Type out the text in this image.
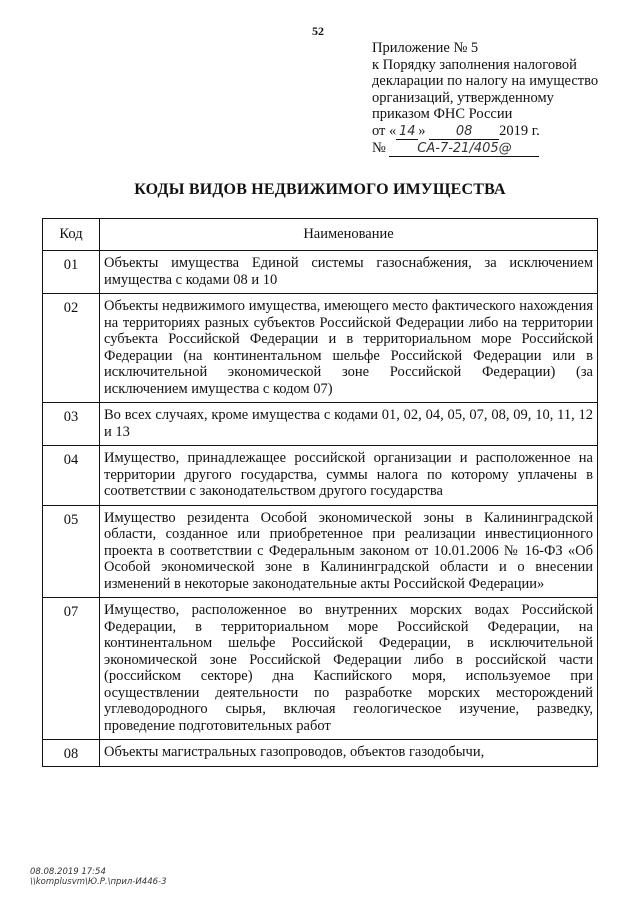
52
Приложение № 5
к Порядку заполнения налоговой
декларации по налогу на имущество
организаций, утвержденному
приказом ФНС России
от « 14 » 08 2019 г.
№ СА-7-21/405@
КОДЫ ВИДОВ НЕДВИЖИМОГО ИМУЩЕСТВА
Код	Наименование
01	Объекты имущества Единой системы газоснабжения, за исключением имущества с кодами 08 и 10
02	Объекты недвижимого имущества, имеющего место фактического нахождения на территориях разных субъектов Российской Федерации либо на территории субъекта Российской Федерации и в территориальном море Российской Федерации (на континентальном шельфе Российской Федерации или в исключительной экономической зоне Российской Федерации) (за исключением имущества с кодом 07)
03	Во всех случаях, кроме имущества с кодами 01, 02, 04, 05, 07, 08, 09, 10, 11, 12 и 13
04	Имущество, принадлежащее российской организации и расположенное на территории другого государства, суммы налога по которому уплачены в соответствии с законодательством другого государства
05	Имущество резидента Особой экономической зоны в Калининградской области, созданное или приобретенное при реализации инвестиционного проекта в соответствии с Федеральным законом от 10.01.2006 № 16-ФЗ «Об Особой экономической зоне в Калининградской области и о внесении изменений в некоторые законодательные акты Российской Федерации»
07	Имущество, расположенное во внутренних морских водах Российской Федерации, в территориальном море Российской Федерации, на континентальном шельфе Российской Федерации, в исключительной экономической зоне Российской Федерации либо в российской части (российском секторе) дна Каспийского моря, используемое при осуществлении деятельности по разработке морских месторождений углеводородного сырья, включая геологическое изучение, разведку, проведение подготовительных работ
08	Объекты магистральных газопроводов, объектов газодобычи,
08.08.2019 17:54
\\komplusvm\Ю.Р.\прил-И446-3
